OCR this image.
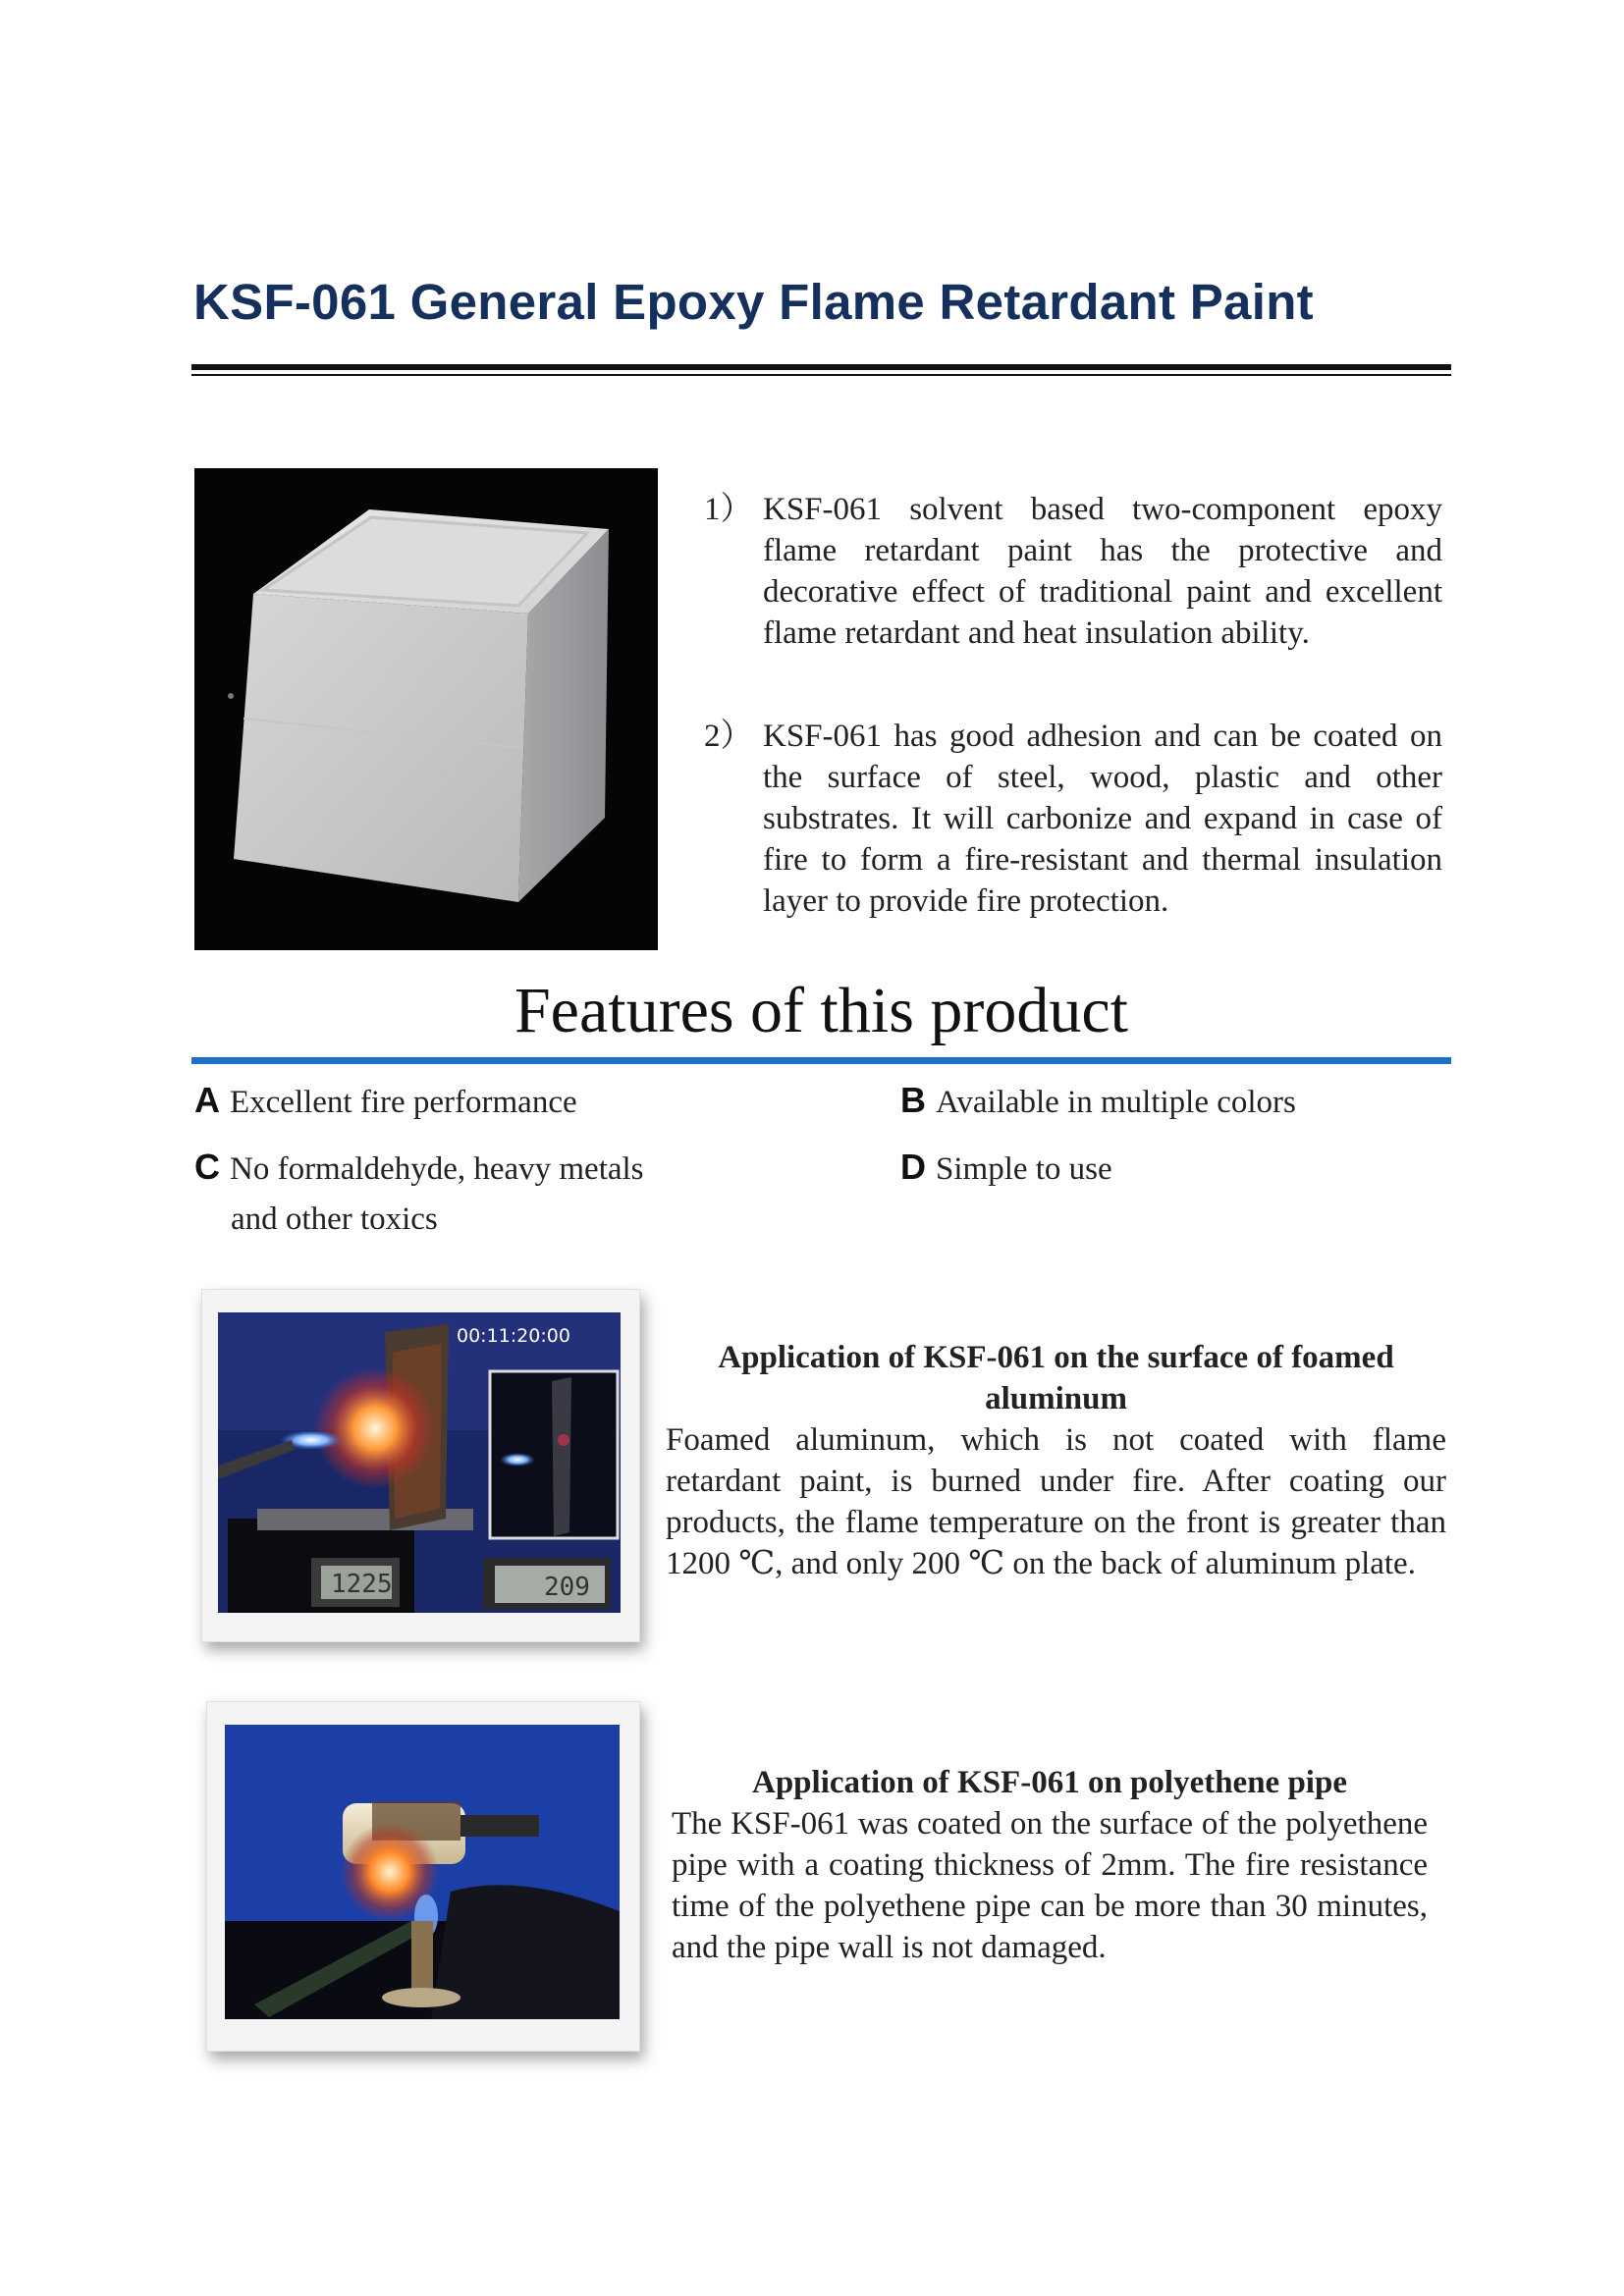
KSF-061 General Epoxy Flame Retardant Paint
1） KSF-061 solvent based two-component epoxy flame retardant paint has the protective and decorative effect of traditional paint and excellent flame retardant and heat insulation ability.
2） KSF-061 has good adhesion and can be coated on the surface of steel, wood, plastic and other substrates. It will carbonize and expand in case of fire to form a fire-resistant and thermal insulation layer to provide fire protection.
Features of this product
A Excellent fire performance	B Available in multiple colors
C No formaldehyde, heavy metals
and other toxics
D Simple to use
1225	209
00:11:20:00
Application of KSF-061 on the surface of foamed aluminum
Foamed aluminum, which is not coated with flame retardant paint, is burned under fire. After coating our products, the flame temperature on the front is greater than 1200 ℃, and only 200 ℃ on the back of aluminum plate.
Application of KSF-061 on polyethene pipe
The KSF-061 was coated on the surface of the polyethene pipe with a coating thickness of 2mm. The fire resistance time of the polyethene pipe can be more than 30 minutes, and the pipe wall is not damaged.
